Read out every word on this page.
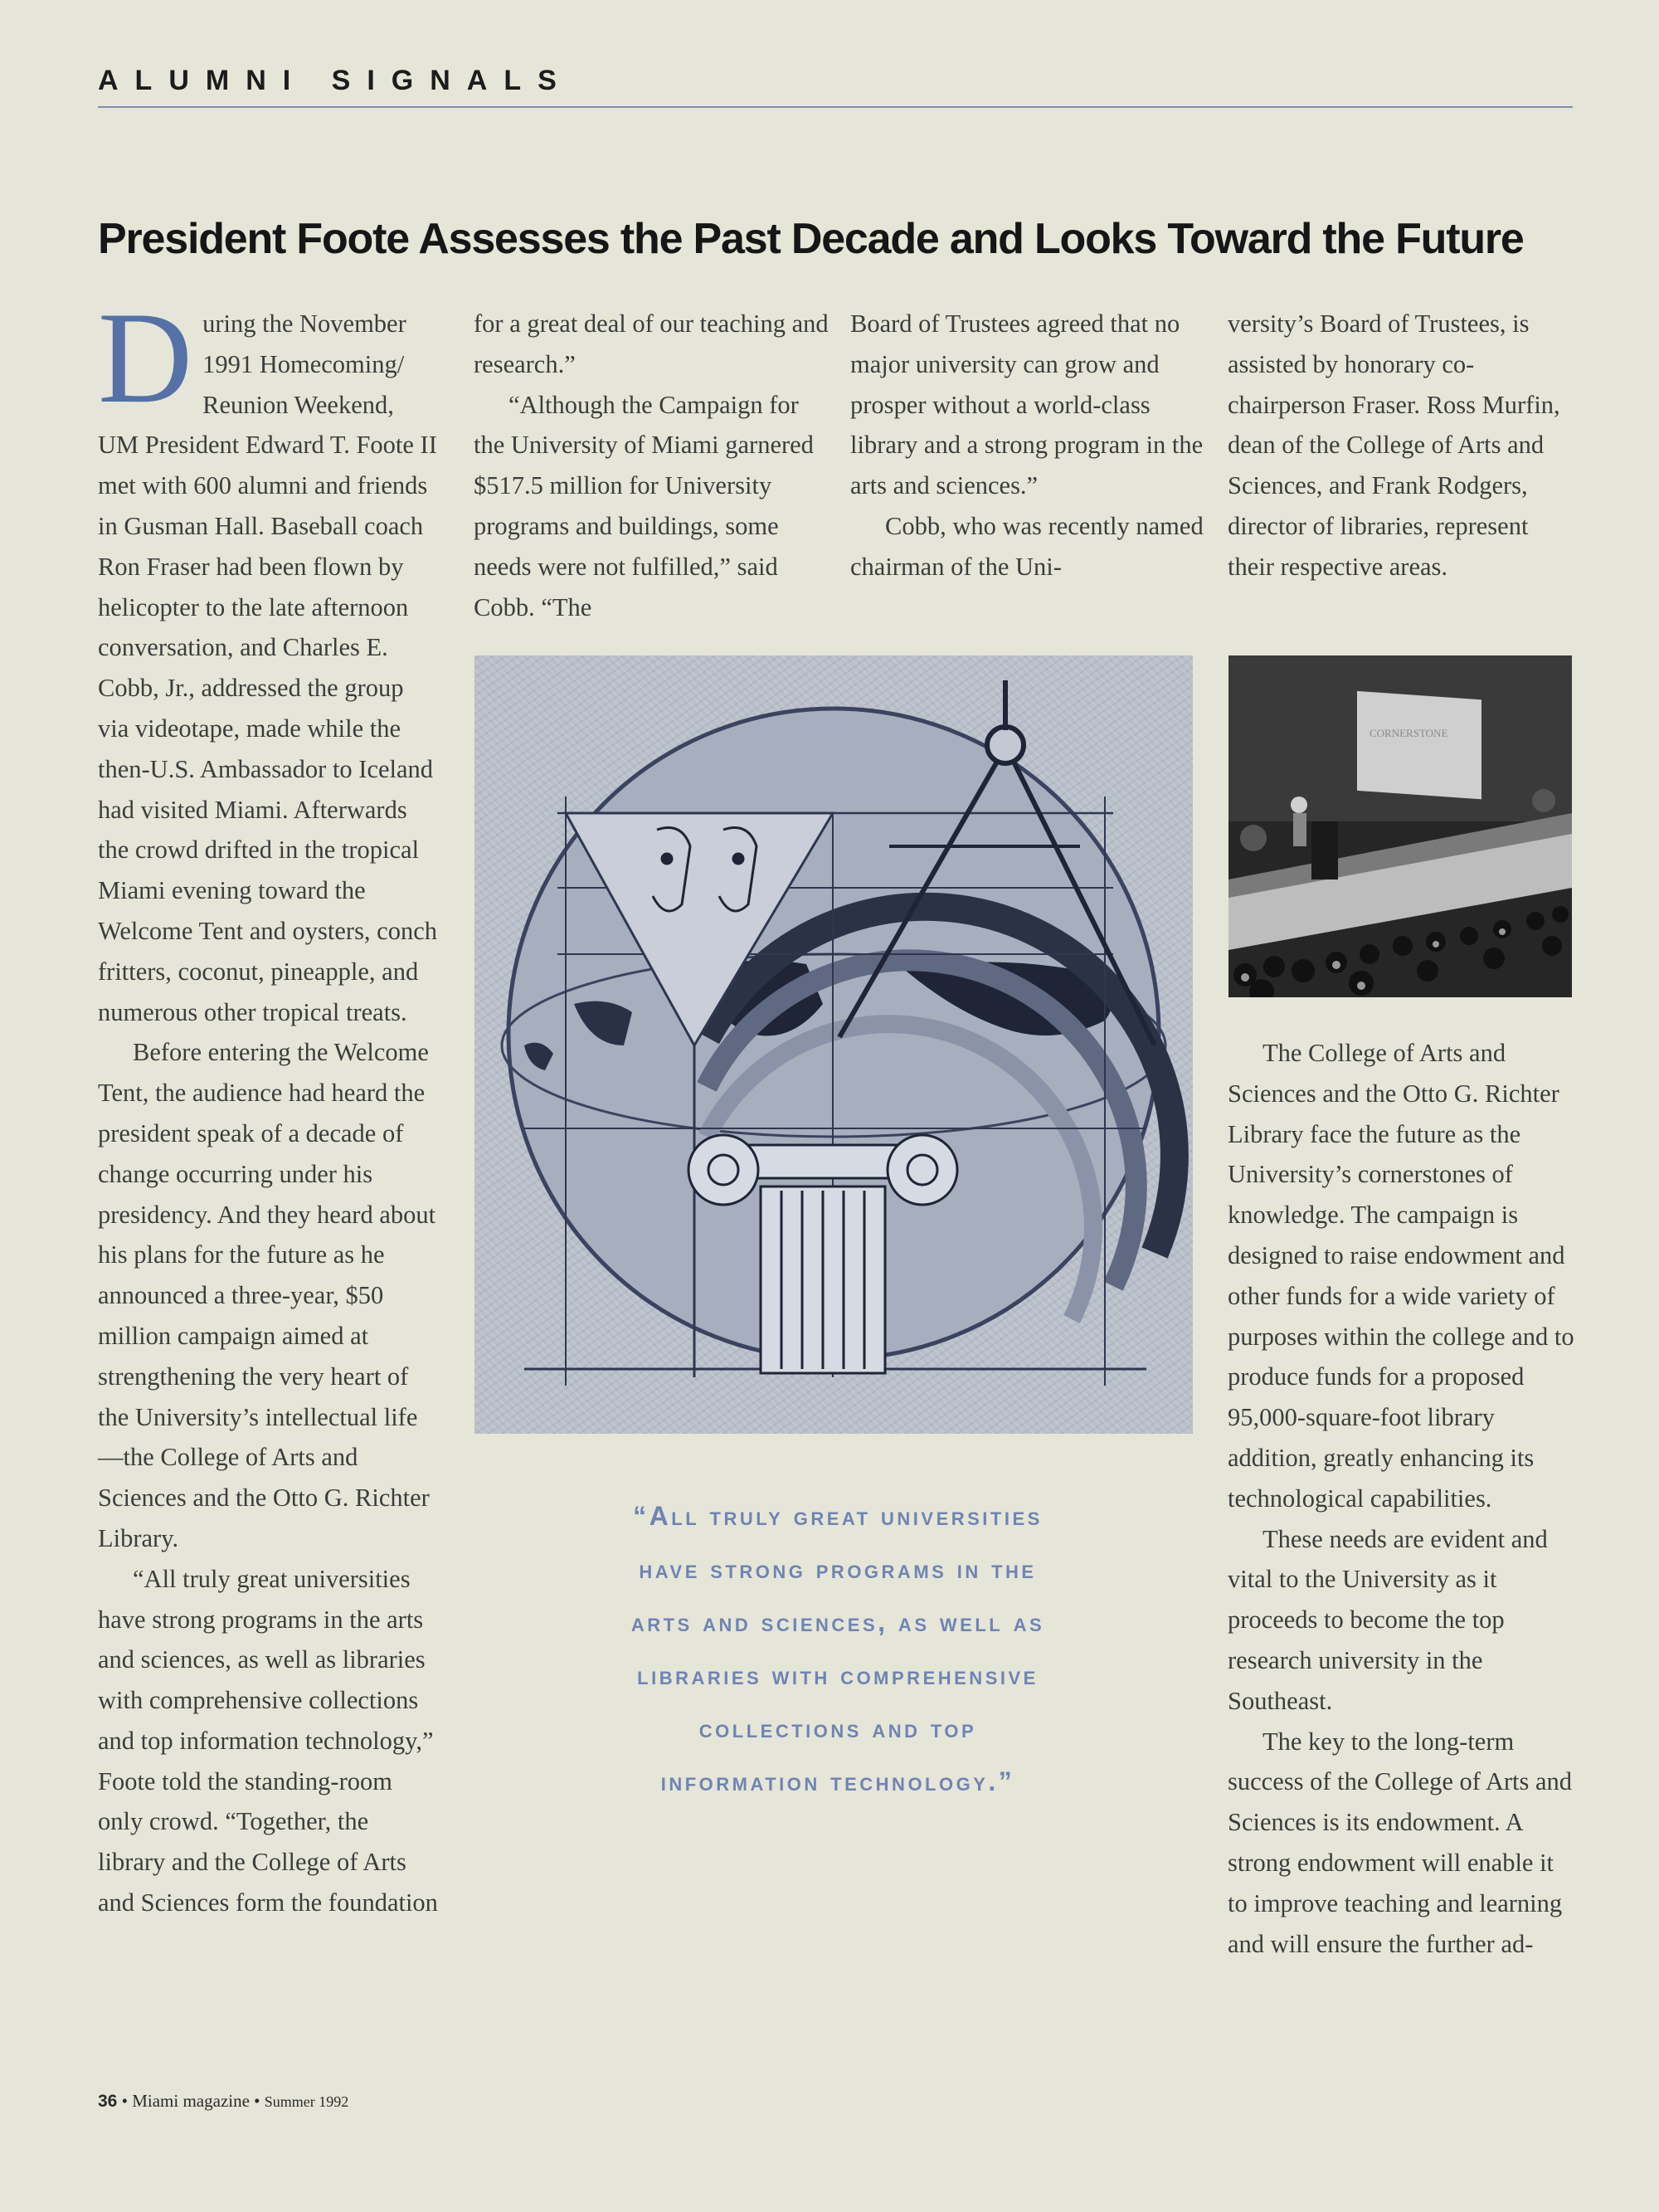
ALUMNI SIGNALS
President Foote Assesses the Past Decade and Looks Toward the Future
D uring the November 1991 Homecoming/ Reunion Weekend, UM President Edward T. Foote II met with 600 alumni and friends in Gusman Hall. Baseball coach Ron Fraser had been flown by helicopter to the late afternoon conversation, and Charles E. Cobb, Jr., addressed the group via videotape, made while the then-U.S. Ambassador to Iceland had visited Miami. Afterwards the crowd drifted in the tropical Miami evening toward the Welcome Tent and oysters, conch fritters, coconut, pineapple, and numerous other tropical treats.

Before entering the Welcome Tent, the audience had heard the president speak of a decade of change occurring under his presidency. And they heard about his plans for the future as he announced a three-year, $50 million campaign aimed at strengthening the very heart of the University’s intellectual life—the College of Arts and Sciences and the Otto G. Richter Library.

“All truly great universities have strong programs in the arts and sciences, as well as libraries with comprehensive collections and top information technology,” Foote told the standing-room only crowd. “Together, the library and the College of Arts and Sciences form the foundation

for a great deal of our teaching and research.”

“Although the Campaign for the University of Miami garnered $517.5 million for University programs and buildings, some needs were not fulfilled,” said Cobb. “The

Board of Trustees agreed that no major university can grow and prosper without a world-class library and a strong program in the arts and sciences.”

Cobb, who was recently named chairman of the Uni-

versity’s Board of Trustees, is assisted by honorary co-chairperson Fraser. Ross Murfin, dean of the College of Arts and Sciences, and Frank Rodgers, director of libraries, represent their respective areas.

CORNERSTONE

The College of Arts and Sciences and the Otto G. Richter Library face the future as the University’s cornerstones of knowledge. The campaign is designed to raise endowment and other funds for a wide variety of purposes within the college and to produce funds for a proposed 95,000-square-foot library addition, greatly enhancing its technological capabilities.

These needs are evident and vital to the University as it proceeds to become the top research university in the Southeast.

The key to the long-term success of the College of Arts and Sciences is its endowment. A strong endowment will enable it to improve teaching and learning and will ensure the further ad-

“All truly great universities have strong programs in the arts and sciences, as well as libraries with comprehensive collections and top information technology.”
36 • Miami magazine • Summer 1992
